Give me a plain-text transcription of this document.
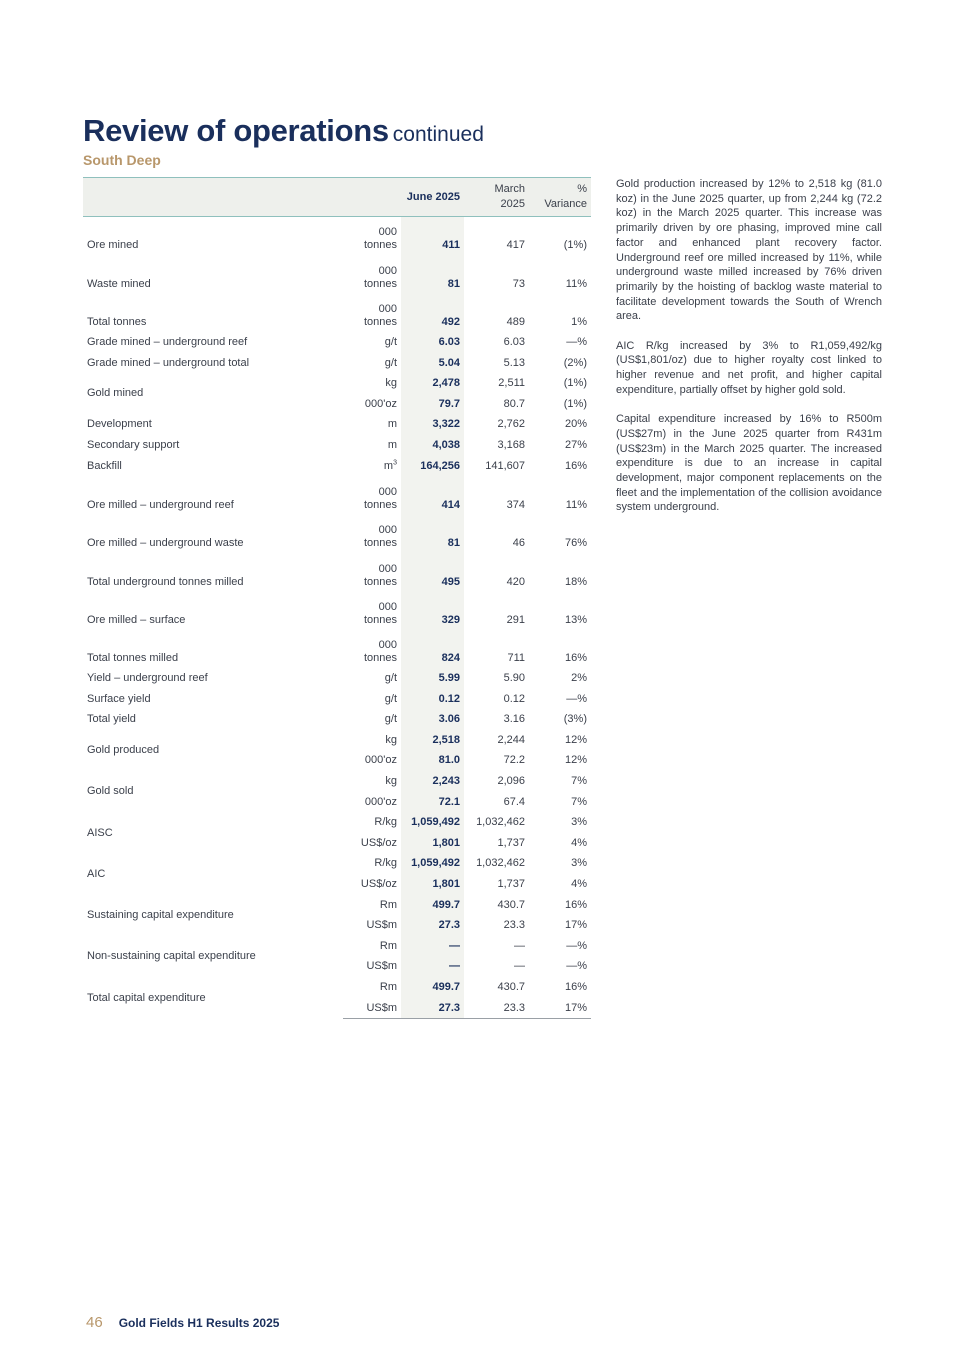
Review of operations continued
South Deep
		June 2025	March 2025	% Variance
Ore mined	000 tonnes	411	417	(1%)
Waste mined	000 tonnes	81	73	11%
Total tonnes	000 tonnes	492	489	1%
Grade mined – underground reef	g/t	6.03	6.03	—%
Grade mined – underground total	g/t	5.04	5.13	(2%)
Gold mined	kg	2,478	2,511	(1%)
	000'oz	79.7	80.7	(1%)
Development	m	3,322	2,762	20%
Secondary support	m	4,038	3,168	27%
Backfill	$m^3$	164,256	141,607	16%
Ore milled – underground reef	000 tonnes	414	374	11%
Ore milled – underground waste	000 tonnes	81	46	76%
Total underground tonnes milled	000 tonnes	495	420	18%
Ore milled – surface	000 tonnes	329	291	13%
Total tonnes milled	000 tonnes	824	711	16%
Yield – underground reef	g/t	5.99	5.90	2%
Surface yield	g/t	0.12	0.12	—%
Total yield	g/t	3.06	3.16	(3%)
Gold produced	kg	2,518	2,244	12%
	000'oz	81.0	72.2	12%
Gold sold	kg	2,243	2,096	7%
	000'oz	72.1	67.4	7%
AISC	R/kg	1,059,492	1,032,462	3%
	US$/oz	1,801	1,737	4%
AIC	R/kg	1,059,492	1,032,462	3%
	US$/oz	1,801	1,737	4%
Sustaining capital expenditure	Rm	499.7	430.7	16%
	US$m	27.3	23.3	17%
Non-sustaining capital expenditure	Rm	—	—	—%
	US$m	—	—	—%
Total capital expenditure	Rm	499.7	430.7	16%
	US$m	27.3	23.3	17%

Gold production increased by 12% to 2,518 kg (81.0 koz) in the June 2025 quarter, up from 2,244 kg (72.2 koz) in the March 2025 quarter. This increase was primarily driven by ore phasing, improved mine call factor and enhanced plant recovery factor. Underground reef ore milled increased by 11%, while underground waste milled increased by 76% driven primarily by the hoisting of backlog waste material to facilitate development towards the South of Wrench area.

AIC R/kg increased by 3% to R1,059,492/kg (US$1,801/oz) due to higher royalty cost linked to higher revenue and net profit, and higher capital expenditure, partially offset by higher gold sold.

Capital expenditure increased by 16% to R500m (US$27m) in the June 2025 quarter from R431m (US$23m) in the March 2025 quarter. The increased expenditure is due to an increase in capital development, major component replacements on the fleet and the implementation of the collision avoidance system underground.

46 Gold Fields H1 Results 2025
